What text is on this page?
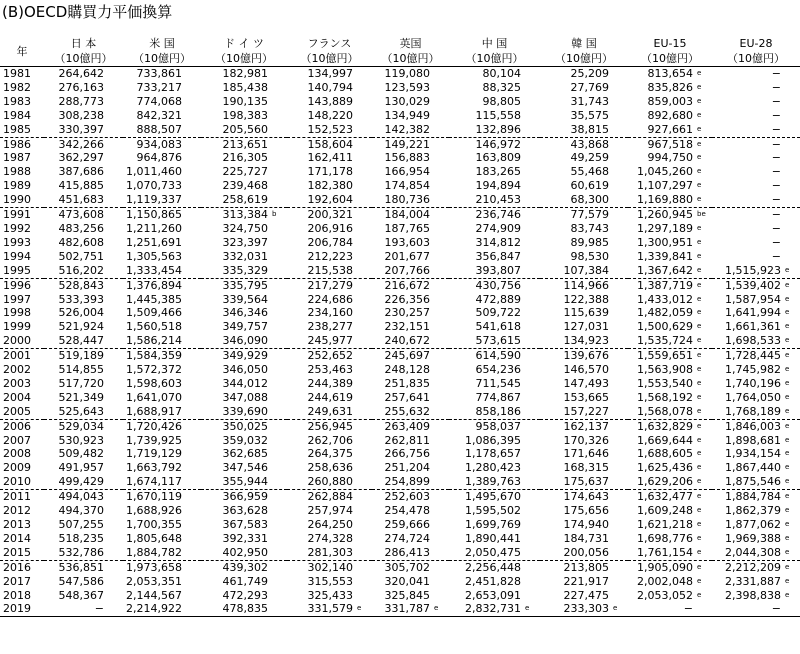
(B)OECD購買力平価換算
年	日 本	米 国	ド イ ツ	フランス	英国	中 国	韓 国	EU-15	EU-28
	（10億円）	（10億円）	（10億円）	（10億円）	（10億円）	（10億円）	（10億円）	（10億円）	（10億円）
1981	264,642	733,861	182,981	134,997	119,080	80,104	25,209	813,654 e	−
1982	276,163	733,217	185,438	140,794	123,593	88,325	27,769	835,826 e	−
1983	288,773	774,068	190,135	143,889	130,029	98,805	31,743	859,003 e	−
1984	308,238	842,321	198,383	148,220	134,949	115,558	35,575	892,680 e	−
1985	330,397	888,507	205,560	152,523	142,382	132,896	38,815	927,661 e	−
1986	342,266	934,083	213,651	158,604	149,221	146,972	43,868	967,518 e	−
1987	362,297	964,876	216,305	162,411	156,883	163,809	49,259	994,750 e	−
1988	387,686	1,011,460	225,727	171,178	166,954	183,265	55,468	1,045,260 e	−
1989	415,885	1,070,733	239,468	182,380	174,854	194,894	60,619	1,107,297 e	−
1990	451,683	1,119,337	258,619	192,604	180,736	210,453	68,300	1,169,880 e	−
1991	473,608	1,150,865	313,384 b	200,321	184,004	236,746	77,579	1,260,945 be	−
1992	483,256	1,211,260	324,750	206,916	187,765	274,909	83,743	1,297,189 e	−
1993	482,608	1,251,691	323,397	206,784	193,603	314,812	89,985	1,300,951 e	−
1994	502,751	1,305,563	332,031	212,223	201,677	356,847	98,530	1,339,841 e	−
1995	516,202	1,333,454	335,329	215,538	207,766	393,807	107,384	1,367,642 e	1,515,923 e
1996	528,843	1,376,894	335,795	217,279	216,672	430,756	114,966	1,387,719 e	1,539,402 e
1997	533,393	1,445,385	339,564	224,686	226,356	472,889	122,388	1,433,012 e	1,587,954 e
1998	526,004	1,509,466	346,346	234,160	230,257	509,722	115,639	1,482,059 e	1,641,994 e
1999	521,924	1,560,518	349,757	238,277	232,151	541,618	127,031	1,500,629 e	1,661,361 e
2000	528,447	1,586,214	346,090	245,977	240,672	573,615	134,923	1,535,724 e	1,698,533 e
2001	519,189	1,584,359	349,929	252,652	245,697	614,590	139,676	1,559,651 e	1,728,445 e
2002	514,855	1,572,372	346,050	253,463	248,128	654,236	146,570	1,563,908 e	1,745,982 e
2003	517,720	1,598,603	344,012	244,389	251,835	711,545	147,493	1,553,540 e	1,740,196 e
2004	521,349	1,641,070	347,088	244,619	257,641	774,867	153,665	1,568,192 e	1,764,050 e
2005	525,643	1,688,917	339,690	249,631	255,632	858,186	157,227	1,568,078 e	1,768,189 e
2006	529,034	1,720,426	350,025	256,945	263,409	958,037	162,137	1,632,829 e	1,846,003 e
2007	530,923	1,739,925	359,032	262,706	262,811	1,086,395	170,326	1,669,644 e	1,898,681 e
2008	509,482	1,719,129	362,685	264,375	266,756	1,178,657	171,646	1,688,605 e	1,934,154 e
2009	491,957	1,663,792	347,546	258,636	251,204	1,280,423	168,315	1,625,436 e	1,867,440 e
2010	499,429	1,674,117	355,944	260,880	254,899	1,389,763	175,637	1,629,206 e	1,875,546 e
2011	494,043	1,670,119	366,959	262,884	252,603	1,495,670	174,643	1,632,477 e	1,884,784 e
2012	494,370	1,688,926	363,628	257,974	254,478	1,595,502	175,656	1,609,248 e	1,862,379 e
2013	507,255	1,700,355	367,583	264,250	259,666	1,699,769	174,940	1,621,218 e	1,877,062 e
2014	518,235	1,805,648	392,331	274,328	274,724	1,890,441	184,731	1,698,776 e	1,969,388 e
2015	532,786	1,884,782	402,950	281,303	286,413	2,050,475	200,056	1,761,154 e	2,044,308 e
2016	536,851	1,973,658	439,302	302,140	305,702	2,256,448	213,805	1,905,090 e	2,212,209 e
2017	547,586	2,053,351	461,749	315,553	320,041	2,451,828	221,917	2,002,048 e	2,331,887 e
2018	548,367	2,144,567	472,293	325,433	325,845	2,653,091	227,475	2,053,052 e	2,398,838 e
2019	−	2,214,922	478,835	331,579 e	331,787 e	2,832,731 e	233,303 e	−	−
